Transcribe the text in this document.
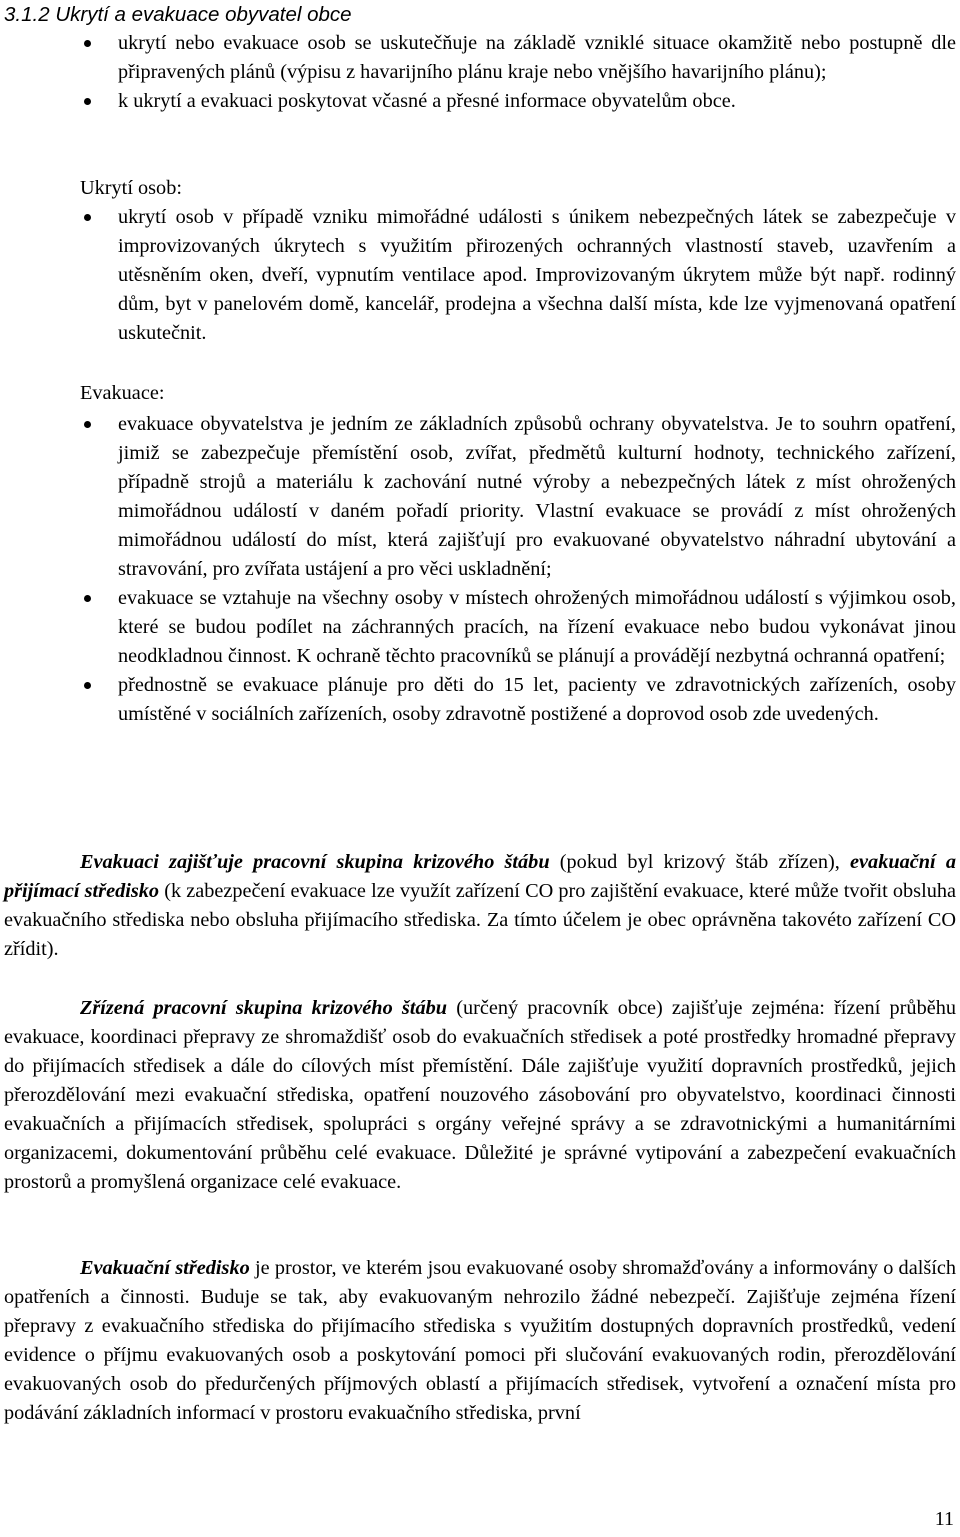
3.1.2 Ukrytí a evakuace obyvatel obce
ukrytí nebo evakuace osob se uskutečňuje na základě vzniklé situace okamžitě nebo postupně dle připravených plánů (výpisu z havarijního plánu kraje nebo vnějšího havarijního plánu);
k ukrytí a evakuaci poskytovat včasné a přesné informace obyvatelům obce.

Ukrytí osob:

ukrytí osob v případě vzniku mimořádné události s únikem nebezpečných látek se zabezpečuje v improvizovaných úkrytech s využitím přirozených ochranných vlastností staveb, uzavřením a utěsněním oken, dveří, vypnutím ventilace apod. Improvizovaným úkrytem může být např. rodinný dům, byt v panelovém domě, kancelář, prodejna a všechna další místa, kde lze vyjmenovaná opatření uskutečnit.

Evakuace:

evakuace obyvatelstva je jedním ze základních způsobů ochrany obyvatelstva. Je to souhrn opatření, jimiž se zabezpečuje přemístění osob, zvířat, předmětů kulturní hodnoty, technického zařízení, případně strojů a materiálu k zachování nutné výroby a nebezpečných látek z míst ohrožených mimořádnou událostí v daném pořadí priority. Vlastní evakuace se provádí z míst ohrožených mimořádnou událostí do míst, která zajišťují pro evakuované obyvatelstvo náhradní ubytování a stravování, pro zvířata ustájení a pro věci uskladnění;
evakuace se vztahuje na všechny osoby v místech ohrožených mimořádnou událostí s výjimkou osob, které se budou podílet na záchranných pracích, na řízení evakuace nebo budou vykonávat jinou neodkladnou činnost. K ochraně těchto pracovníků se plánují a provádějí nezbytná ochranná opatření;
přednostně se evakuace plánuje pro děti do 15 let, pacienty ve zdravotnických zařízeních, osoby umístěné v sociálních zařízeních, osoby zdravotně postižené a doprovod osob zde uvedených.

Evakuaci zajišťuje pracovní skupina krizového štábu (pokud byl krizový štáb zřízen), evakuační a přijímací středisko (k zabezpečení evakuace lze využít zařízení CO pro zajištění evakuace, které může tvořit obsluha evakuačního střediska nebo obsluha přijímacího střediska. Za tímto účelem je obec oprávněna takovéto zařízení CO zřídit).

Zřízená pracovní skupina krizového štábu (určený pracovník obce) zajišťuje zejména: řízení průběhu evakuace, koordinaci přepravy ze shromaždišť osob do evakuačních středisek a poté prostředky hromadné přepravy do přijímacích středisek a dále do cílových míst přemístění. Dále zajišťuje využití dopravních prostředků, jejich přerozdělování mezi evakuační střediska, opatření nouzového zásobování pro obyvatelstvo, koordinaci činnosti evakuačních a přijímacích středisek, spolupráci s orgány veřejné správy a se zdravotnickými a humanitárními organizacemi, dokumentování průběhu celé evakuace. Důležité je správné vytipování a zabezpečení evakuačních prostorů a promyšlená organizace celé evakuace.

Evakuační středisko je prostor, ve kterém jsou evakuované osoby shromažďovány a informovány o dalších opatřeních a činnosti. Buduje se tak, aby evakuovaným nehrozilo žádné nebezpečí. Zajišťuje zejména řízení přepravy z evakuačního střediska do přijímacího střediska s využitím dostupných dopravních prostředků, vedení evidence o příjmu evakuovaných osob a poskytování pomoci při slučování evakuovaných rodin, přerozdělování evakuovaných osob do předurčených příjmových oblastí a přijímacích středisek, vytvoření a označení místa pro podávání základních informací v prostoru evakuačního střediska, první

11
